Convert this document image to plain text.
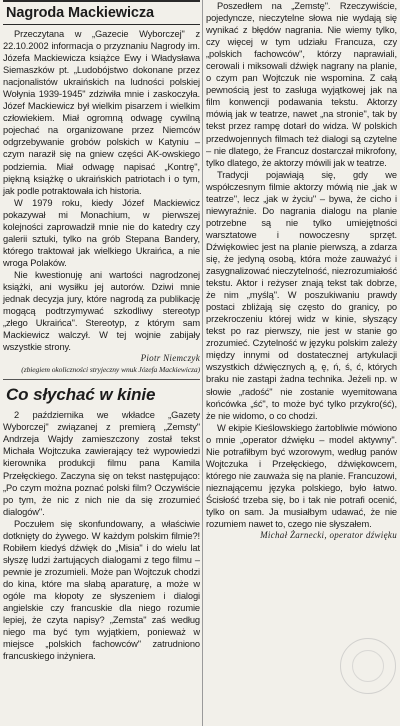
Nagroda Mackiewicza

Przeczytana w „Gazecie Wyborczej" z 22.10.2002 informacja o przyznaniu Nagrody im. Józefa Mackiewicza książce Ewy i Władysława Siemaszków pt. „Ludobójstwo dokonane przez nacjonalistów ukraińskich na ludności polskiej Wołynia 1939-1945" zdziwiła mnie i zaskoczyła. Józef Mackiewicz był wielkim pisarzem i wielkim człowiekiem. Miał ogromną odwagę cywilną pojechać na organizowane przez Niemców odgrzebywanie grobów polskich w Katyniu – czym naraził się na gniew części AK-owskiego podziemia. Miał odwagę napisać „Kontrę", piękną książkę o ukraińskich patriotach i o tym, jak podle potraktowała ich historia.

W 1979 roku, kiedy Józef Mackiewicz pokazywał mi Monachium, w pierwszej kolejności zaprowadził mnie nie do katedry czy galerii sztuki, tylko na grób Stepana Bandery, którego traktował jak wielkiego Ukraińca, a nie wroga Polaków.

Nie kwestionuję ani wartości nagrodzonej książki, ani wysiłku jej autorów. Dziwi mnie jednak decyzja jury, które nagrodą za publikację mogącą podtrzymywać szkodliwy stereotyp „złego Ukraińca". Stereotyp, z którym sam Mackiewicz walczył. W tej wojnie zabijały wszystkie strony.

Piotr Niemczyk
(zbiegiem okoliczności stryjeczny wnuk Józefa Mackiewicza)
Co słychać w kinie

2 października we wkładce „Gazety Wyborczej" związanej z premierą „Zemsty" Andrzeja Wajdy zamieszczony został tekst Michała Wojtczuka zawierający też wypowiedzi kierownika produkcji filmu pana Kamila Przełęckiego. Zaczyna się on tekst następująco: „Po czym można poznać polski film? Oczywiście po tym, że nic z nich nie da się zrozumieć dialogów".

Poczułem się skonfundowany, a właściwie dotknięty do żywego. W każdym polskim filmie?! Robiłem kiedyś dźwięk do „Misia" i do wielu lat słyszę ludzi żartujących dialogami z tego filmu – pewnie je zrozumieli. Może pan Wojtczuk chodzi do kina, które ma słabą aparaturę, a może w ogóle ma kłopoty ze słyszeniem i dialogi angielskie czy francuskie dla niego rozumie lepiej, że czyta napisy? „Zemsta" zaś według niego ma być tym wyjątkiem, ponieważ w miejsce „polskich fachowców" zatrudniono francuskiego inżyniera.

Poszedłem na „Zemstę". Rzeczywiście, pojedyncze, nieczytelne słowa nie wydają się wynikać z błędów nagrania. Nie wiemy tylko, czy więcej w tym udziału Francuza, czy „polskich fachowców", którzy naprawiali, cerowali i miksowali dźwięk nagrany na planie, o czym pan Wojtczuk nie wspomina. Z całą pewnością jest to zasługa wyjątkowej jak na film konwencji podawania tekstu. Aktorzy mówią jak w teatrze, nawet „na stronie", tak by tekst przez rampę dotarł do widza. W polskich przedwojennych filmach też dialogi są czytelne – nie dlatego, że Francuz dostarczał mikrofony, tylko dlatego, że aktorzy mówili jak w teatrze.

Tradycji pojawiają się, gdy we współczesnym filmie aktorzy mówią nie „jak w teatrze", lecz „jak w życiu" – bywa, że cicho i niewyraźnie. Do nagrania dialogu na planie potrzebne są nie tylko umiejętności warsztatowe i nowoczesny sprzęt. Dźwiękowiec jest na planie pierwszą, a zdarza się, że jedyną osobą, która może zauważyć i zasygnalizować nieczytelność, niezrozumiałość tekstu. Aktor i reżyser znają tekst tak dobrze, że nim „myślą". W poszukiwaniu prawdy postaci zbliżają się często do granicy, po przekroczeniu której widz w kinie, słyszący tekst po raz pierwszy, nie jest w stanie go zrozumieć. Czytelność w języku polskim zależy między innymi od dostatecznej artykulacji wszystkich dźwięcznych ą, ę, ń, ś, ć, których braku nie zastąpi żadna technika. Jeżeli np. w słowie „radość" nie zostanie wyemitowana końcówka „ść", to może być tylko przykro(ść), że nie widomo, o co chodzi.

W ekipie Kieślowskiego żartobliwie mówiono o mnie „operator dźwięku – model aktywny". Nie potrafiłbym być wzorowym, według panów Wojtczuka i Przełęckiego, dźwiękowcem, którego nie zauważa się na planie. Francuzowi, nieznającemu języka polskiego, było łatwo. Ścisłość trzeba się, bo i tak nie potrafi ocenić, tylko on sam. Ja musiałbym udawać, że nie rozumiem nawet to, czego nie słyszałem.

Michał Żarnecki, operator dźwięku
